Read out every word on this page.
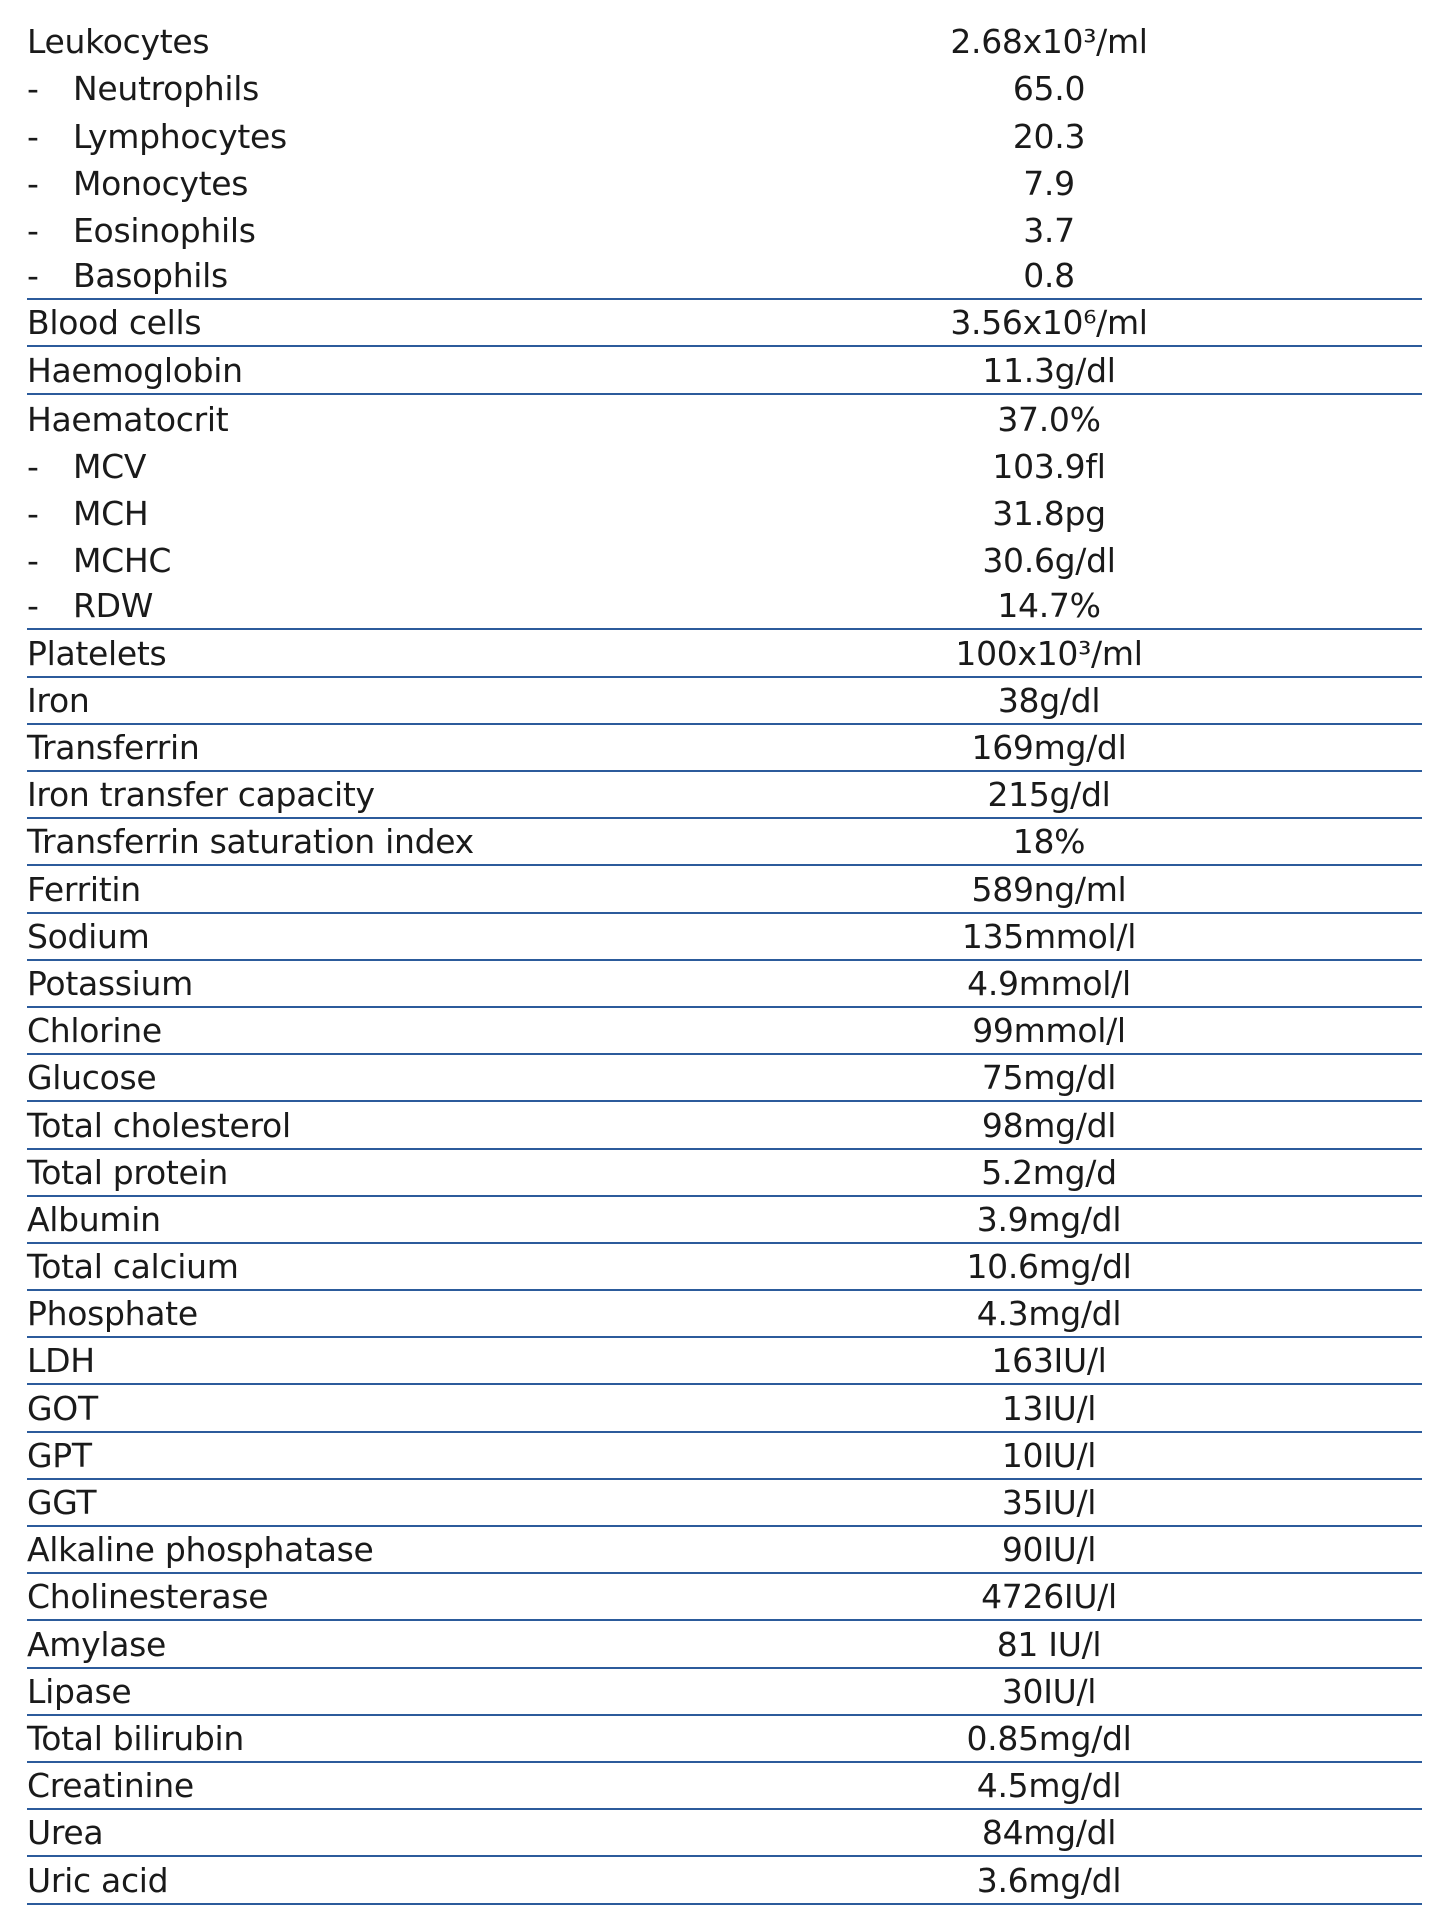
Leukocytes	2.68x10³/ml
- Neutrophils	65.0
- Lymphocytes	20.3
- Monocytes	7.9
- Eosinophils	3.7
- Basophils	0.8
Blood cells	3.56x10⁶/ml
Haemoglobin	11.3g/dl
Haematocrit	37.0%
- MCV	103.9fl
- MCH	31.8pg
- MCHC	30.6g/dl
- RDW	14.7%
Platelets	100x10³/ml
Iron	38g/dl
Transferrin	169mg/dl
Iron transfer capacity	215g/dl
Transferrin saturation index	18%
Ferritin	589ng/ml
Sodium	135mmol/l
Potassium	4.9mmol/l
Chlorine	99mmol/l
Glucose	75mg/dl
Total cholesterol	98mg/dl
Total protein	5.2mg/d
Albumin	3.9mg/dl
Total calcium	10.6mg/dl
Phosphate	4.3mg/dl
LDH	163IU/l
GOT	13IU/l
GPT	10IU/l
GGT	35IU/l
Alkaline phosphatase	90IU/l
Cholinesterase	4726IU/l
Amylase	81 IU/l
Lipase	30IU/l
Total bilirubin	0.85mg/dl
Creatinine	4.5mg/dl
Urea	84mg/dl
Uric acid	3.6mg/dl
